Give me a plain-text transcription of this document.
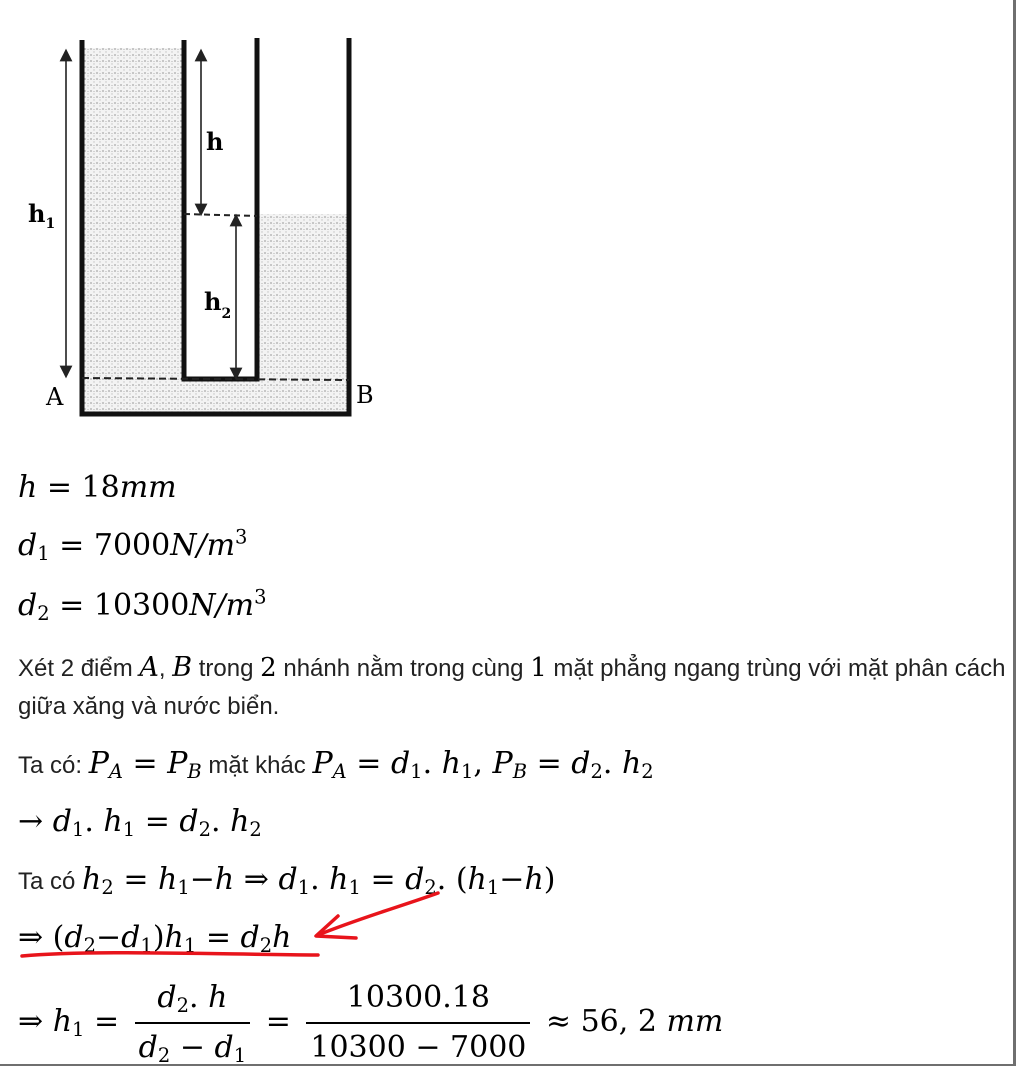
h
$h_1$
$h_2$
A	B
h = 18mm
$d_1 = 7000N/m^3$
$d_2 = 10300N/m^3$
Xét 2 điểm A, B trong 2 nhánh nằm trong cùng 1 mặt phẳng ngang trùng với mặt phân cách giữa xăng và nước biển.
Ta có: $P_A = P_B$ mặt khác $P_A = d_1$. $h_1$, $P_B = d_2$. $h_2$
→ $d_1$. $h_1 = d_2$. $h_2$
Ta có $h_2 = h_1-h$ ⇒ $d_1$. $h_1 = d_2$. $(h_1-h)$
⇒ $(d_2-d_1)h_1 = d_2h$
⇒ $h_1 = \frac{d_2. h}{d_2 - d_1} = \frac{10300.18}{10300 - 7000} \approx 56$, 2 mm
